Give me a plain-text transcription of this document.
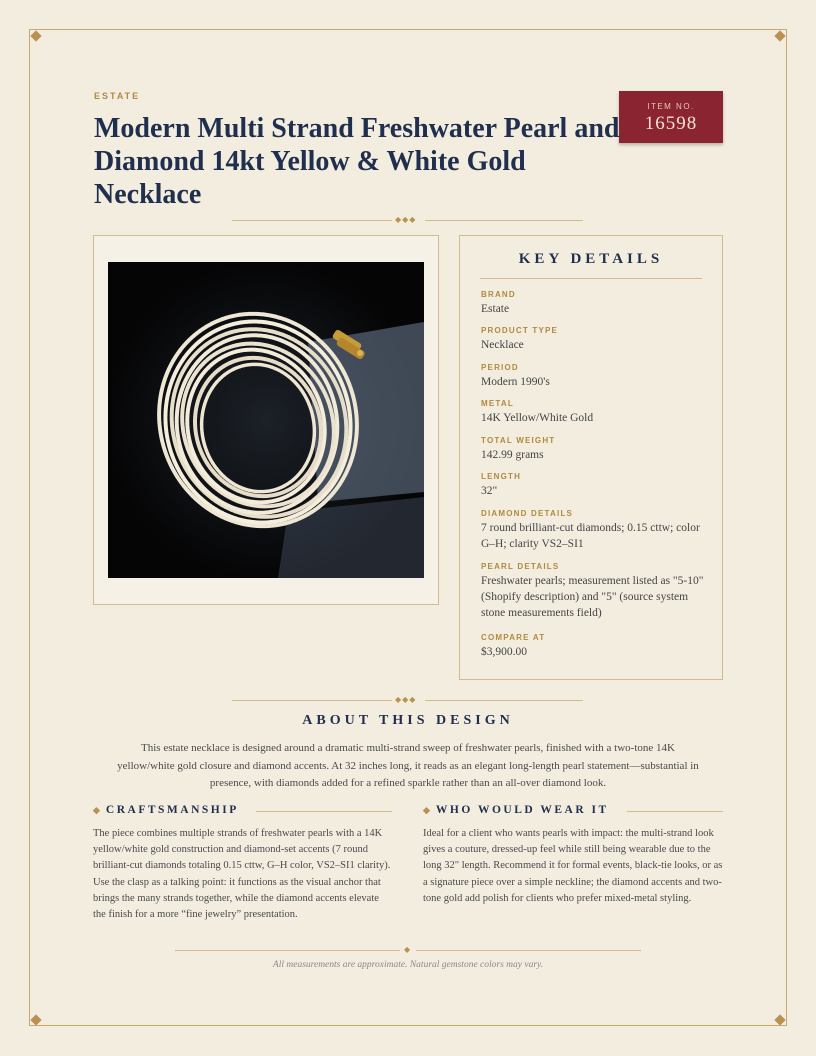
ESTATE
Modern Multi Strand Freshwater Pearl and Diamond 14kt Yellow & White Gold Necklace
ITEM NO.
16598
◆◆◆
KEY DETAILS
BRAND
Estate
PRODUCT TYPE
Necklace
PERIOD
Modern 1990's
METAL
14K Yellow/White Gold
TOTAL WEIGHT
142.99 grams
LENGTH
32"
DIAMOND DETAILS
7 round brilliant-cut diamonds; 0.15 cttw; color G–H; clarity VS2–SI1
PEARL DETAILS
Freshwater pearls; measurement listed as "5-10" (Shopify description) and "5" (source system stone measurements field)
COMPARE AT
$3,900.00
◆◆◆
ABOUT THIS DESIGN

This estate necklace is designed around a dramatic multi-strand sweep of freshwater pearls, finished with a two-tone 14K yellow/white gold closure and diamond accents. At 32 inches long, it reads as an elegant long-length pearl statement—substantial in presence, with diamonds added for a refined sparkle rather than an all-over diamond look.

◆ CRAFTSMANSHIP

The piece combines multiple strands of freshwater pearls with a 14K yellow/white gold construction and diamond-set accents (7 round brilliant-cut diamonds totaling 0.15 cttw, G–H color, VS2–SI1 clarity). Use the clasp as a talking point: it functions as the visual anchor that brings the many strands together, while the diamond accents elevate the finish for a more “fine jewelry” presentation.

◆ WHO WOULD WEAR IT

Ideal for a client who wants pearls with impact: the multi-strand look gives a couture, dressed-up feel while still being wearable due to the long 32" length. Recommend it for formal events, black-tie looks, or as a signature piece over a simple neckline; the diamond accents and two-tone gold add polish for clients who prefer mixed-metal styling.

◆
All measurements are approximate. Natural gemstone colors may vary.
